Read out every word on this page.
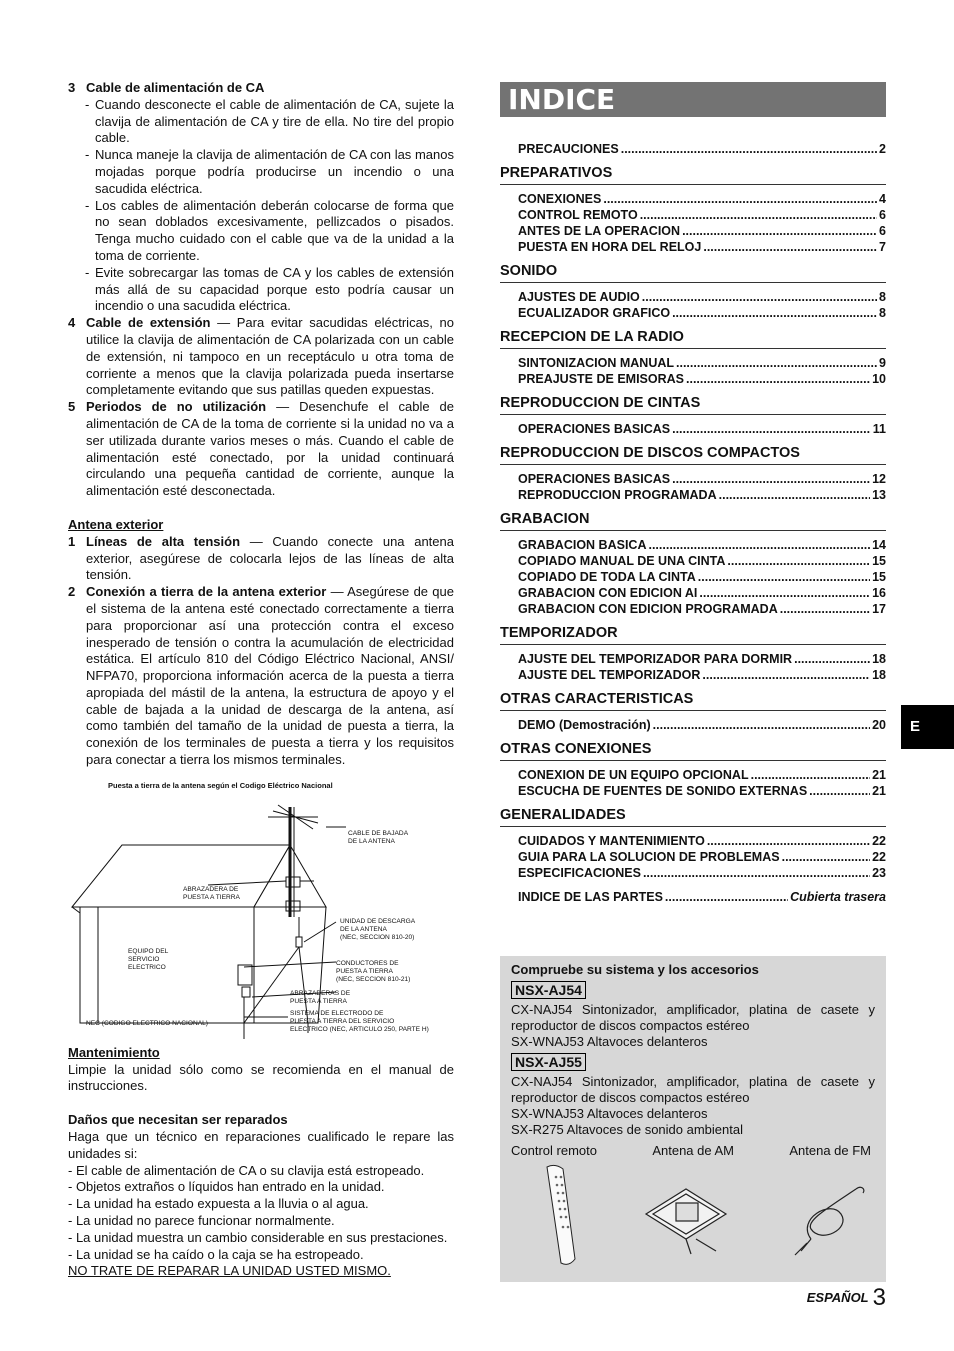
3 Cable de alimentación de CA
- Cuando desconecte el cable de alimentación de CA, sujete la clavija de alimentación de CA y tire de ella. No tire del propio cable.
- Nunca maneje la clavija de alimentación de CA con las manos mojadas porque podría producirse un incendio o una sacudida eléctrica.
- Los cables de alimentación deberán colocarse de forma que no sean doblados excesivamente, pellizcados o pisados. Tenga mucho cuidado con el cable que va de la unidad a la toma de corriente.
- Evite sobrecargar las tomas de CA y los cables de extensión más allá de su capacidad porque esto podría causar un incendio o una sacudida eléctrica.
4 Cable de extensión — Para evitar sacudidas eléctricas, no utilice la clavija de alimentación de CA polarizada con un cable de extensión, ni tampoco en un receptáculo u otra toma de corriente a menos que la clavija polarizada pueda insertarse completamente evitando que sus patillas queden expuestas.
5 Periodos de no utilización — Desenchufe el cable de alimentación de CA de la toma de corriente si la unidad no va a ser utilizada durante varios meses o más. Cuando el cable de alimentación esté conectado, por la unidad continuará circulando una pequeña cantidad de corriente, aunque la alimentación esté desconectada.
Antena exterior
1 Líneas de alta tensión — Cuando conecte una antena exterior, asegúrese de colocarla lejos de las líneas de alta tensión.
2 Conexión a tierra de la antena exterior — Asegúrese de que el sistema de la antena esté conectado correctamente a tierra para proporcionar así una protección contra el exceso inesperado de tensión o contra la acumulación de electricidad estática. El artículo 810 del Código Eléctrico Nacional, ANSI/ NFPA70, proporciona información acerca de la puesta a tierra apropiada del mástil de la antena, la estructura de apoyo y el cable de bajada a la unidad de descarga de la antena, así como también del tamaño de la unidad de puesta a tierra, la conexión de los terminales de puesta a tierra y los requisitos para conectar a tierra los mismos terminales.
Puesta a tierra de la antena según el Codigo Eléctrico Nacional
CABLE DE BAJADA
DE LA ANTENA
ABRAZADERA DE
PUESTA A TIERRA
UNIDAD DE DESCARGA
DE LA ANTENA
(NEC, SECCION 810-20)
EQUIPO DEL
SERVICIO
ELECTRICO
CONDUCTORES DE
PUESTA A TIERRA
(NEC, SECCION 810-21)
ABRAZADERAS DE
PUESTA A TIERRA
SISTEMA DE ELECTRODO DE
PUESTA A TIERRA DEL SERVICIO
ELECTRICO (NEC, ARTICULO 250, PARTE H)
NEC (CODIGO ELECTRICO NACIONAL)
Mantenimiento
Limpie la unidad sólo como se recomienda en el manual de instrucciones.
Daños que necesitan ser reparados
Haga que un técnico en reparaciones cualificado le repare las unidades si:
- El cable de alimentación de CA o su clavija está estropeado.
- Objetos extraños o líquidos han entrado en la unidad.
- La unidad ha estado expuesta a la lluvia o al agua.
- La unidad no parece funcionar normalmente.
- La unidad muestra un cambio considerable en sus prestaciones.
- La unidad se ha caído o la caja se ha estropeado.
NO TRATE DE REPARAR LA UNIDAD USTED MISMO.
INDICE
PRECAUCIONES .....	2
PREPARATIVOS
CONEXIONES .....	4
CONTROL REMOTO .....	6
ANTES DE LA OPERACION .....	6
PUESTA EN HORA DEL RELOJ .....	7
SONIDO
AJUSTES DE AUDIO .....	8
ECUALIZADOR GRAFICO .....	8
RECEPCION DE LA RADIO
SINTONIZACION MANUAL .....	9
PREAJUSTE DE EMISORAS .....	10
REPRODUCCION DE CINTAS
OPERACIONES BASICAS .....	11
REPRODUCCION DE DISCOS COMPACTOS
OPERACIONES BASICAS .....	12
REPRODUCCION PROGRAMADA .....	13
GRABACION
GRABACION BASICA .....	14
COPIADO MANUAL DE UNA CINTA .....	15
COPIADO DE TODA LA CINTA .....	15
GRABACION CON EDICION AI .....	16
GRABACION CON EDICION PROGRAMADA .....	17
TEMPORIZADOR
AJUSTE DEL TEMPORIZADOR PARA DORMIR .....	18
AJUSTE DEL TEMPORIZADOR .....	18
OTRAS CARACTERISTICAS
DEMO (Demostración) .....	20
OTRAS CONEXIONES
CONEXION DE UN EQUIPO OPCIONAL .....	21
ESCUCHA DE FUENTES DE SONIDO EXTERNAS .....	21
GENERALIDADES
CUIDADOS Y MANTENIMIENTO .....	22
GUIA PARA LA SOLUCION DE PROBLEMAS .....	22
ESPECIFICACIONES .....	23
INDICE DE LAS PARTES .....	Cubierta trasera
Compruebe su sistema y los accesorios
NSX-AJ54
CX-NAJ54 Sintonizador, amplificador, platina de casete y reproductor de discos compactos estéreo
SX-WNAJ53 Altavoces delanteros
NSX-AJ55
CX-NAJ54 Sintonizador, amplificador, platina de casete y reproductor de discos compactos estéreo
SX-WNAJ53 Altavoces delanteros
SX-R275 Altavoces de sonido ambiental
Control remoto	Antena de AM	Antena de FM
E
ESPAÑOL 3
